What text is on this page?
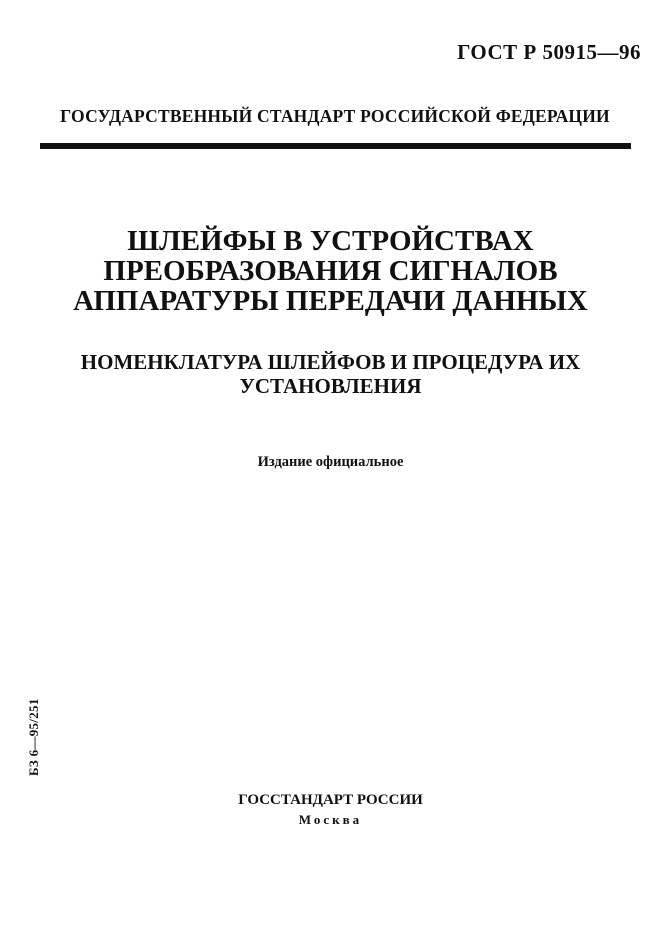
ГОСТ Р 50915—96
ГОСУДАРСТВЕННЫЙ СТАНДАРТ РОССИЙСКОЙ ФЕДЕРАЦИИ
ШЛЕЙФЫ В УСТРОЙСТВАХ
ПРЕОБРАЗОВАНИЯ СИГНАЛОВ
АППАРАТУРЫ ПЕРЕДАЧИ ДАННЫХ
НОМЕНКЛАТУРА ШЛЕЙФОВ И ПРОЦЕДУРА ИХ
УСТАНОВЛЕНИЯ
Издание официальное
БЗ 6—95/251
ГОССТАНДАРТ РОССИИ
Москва
